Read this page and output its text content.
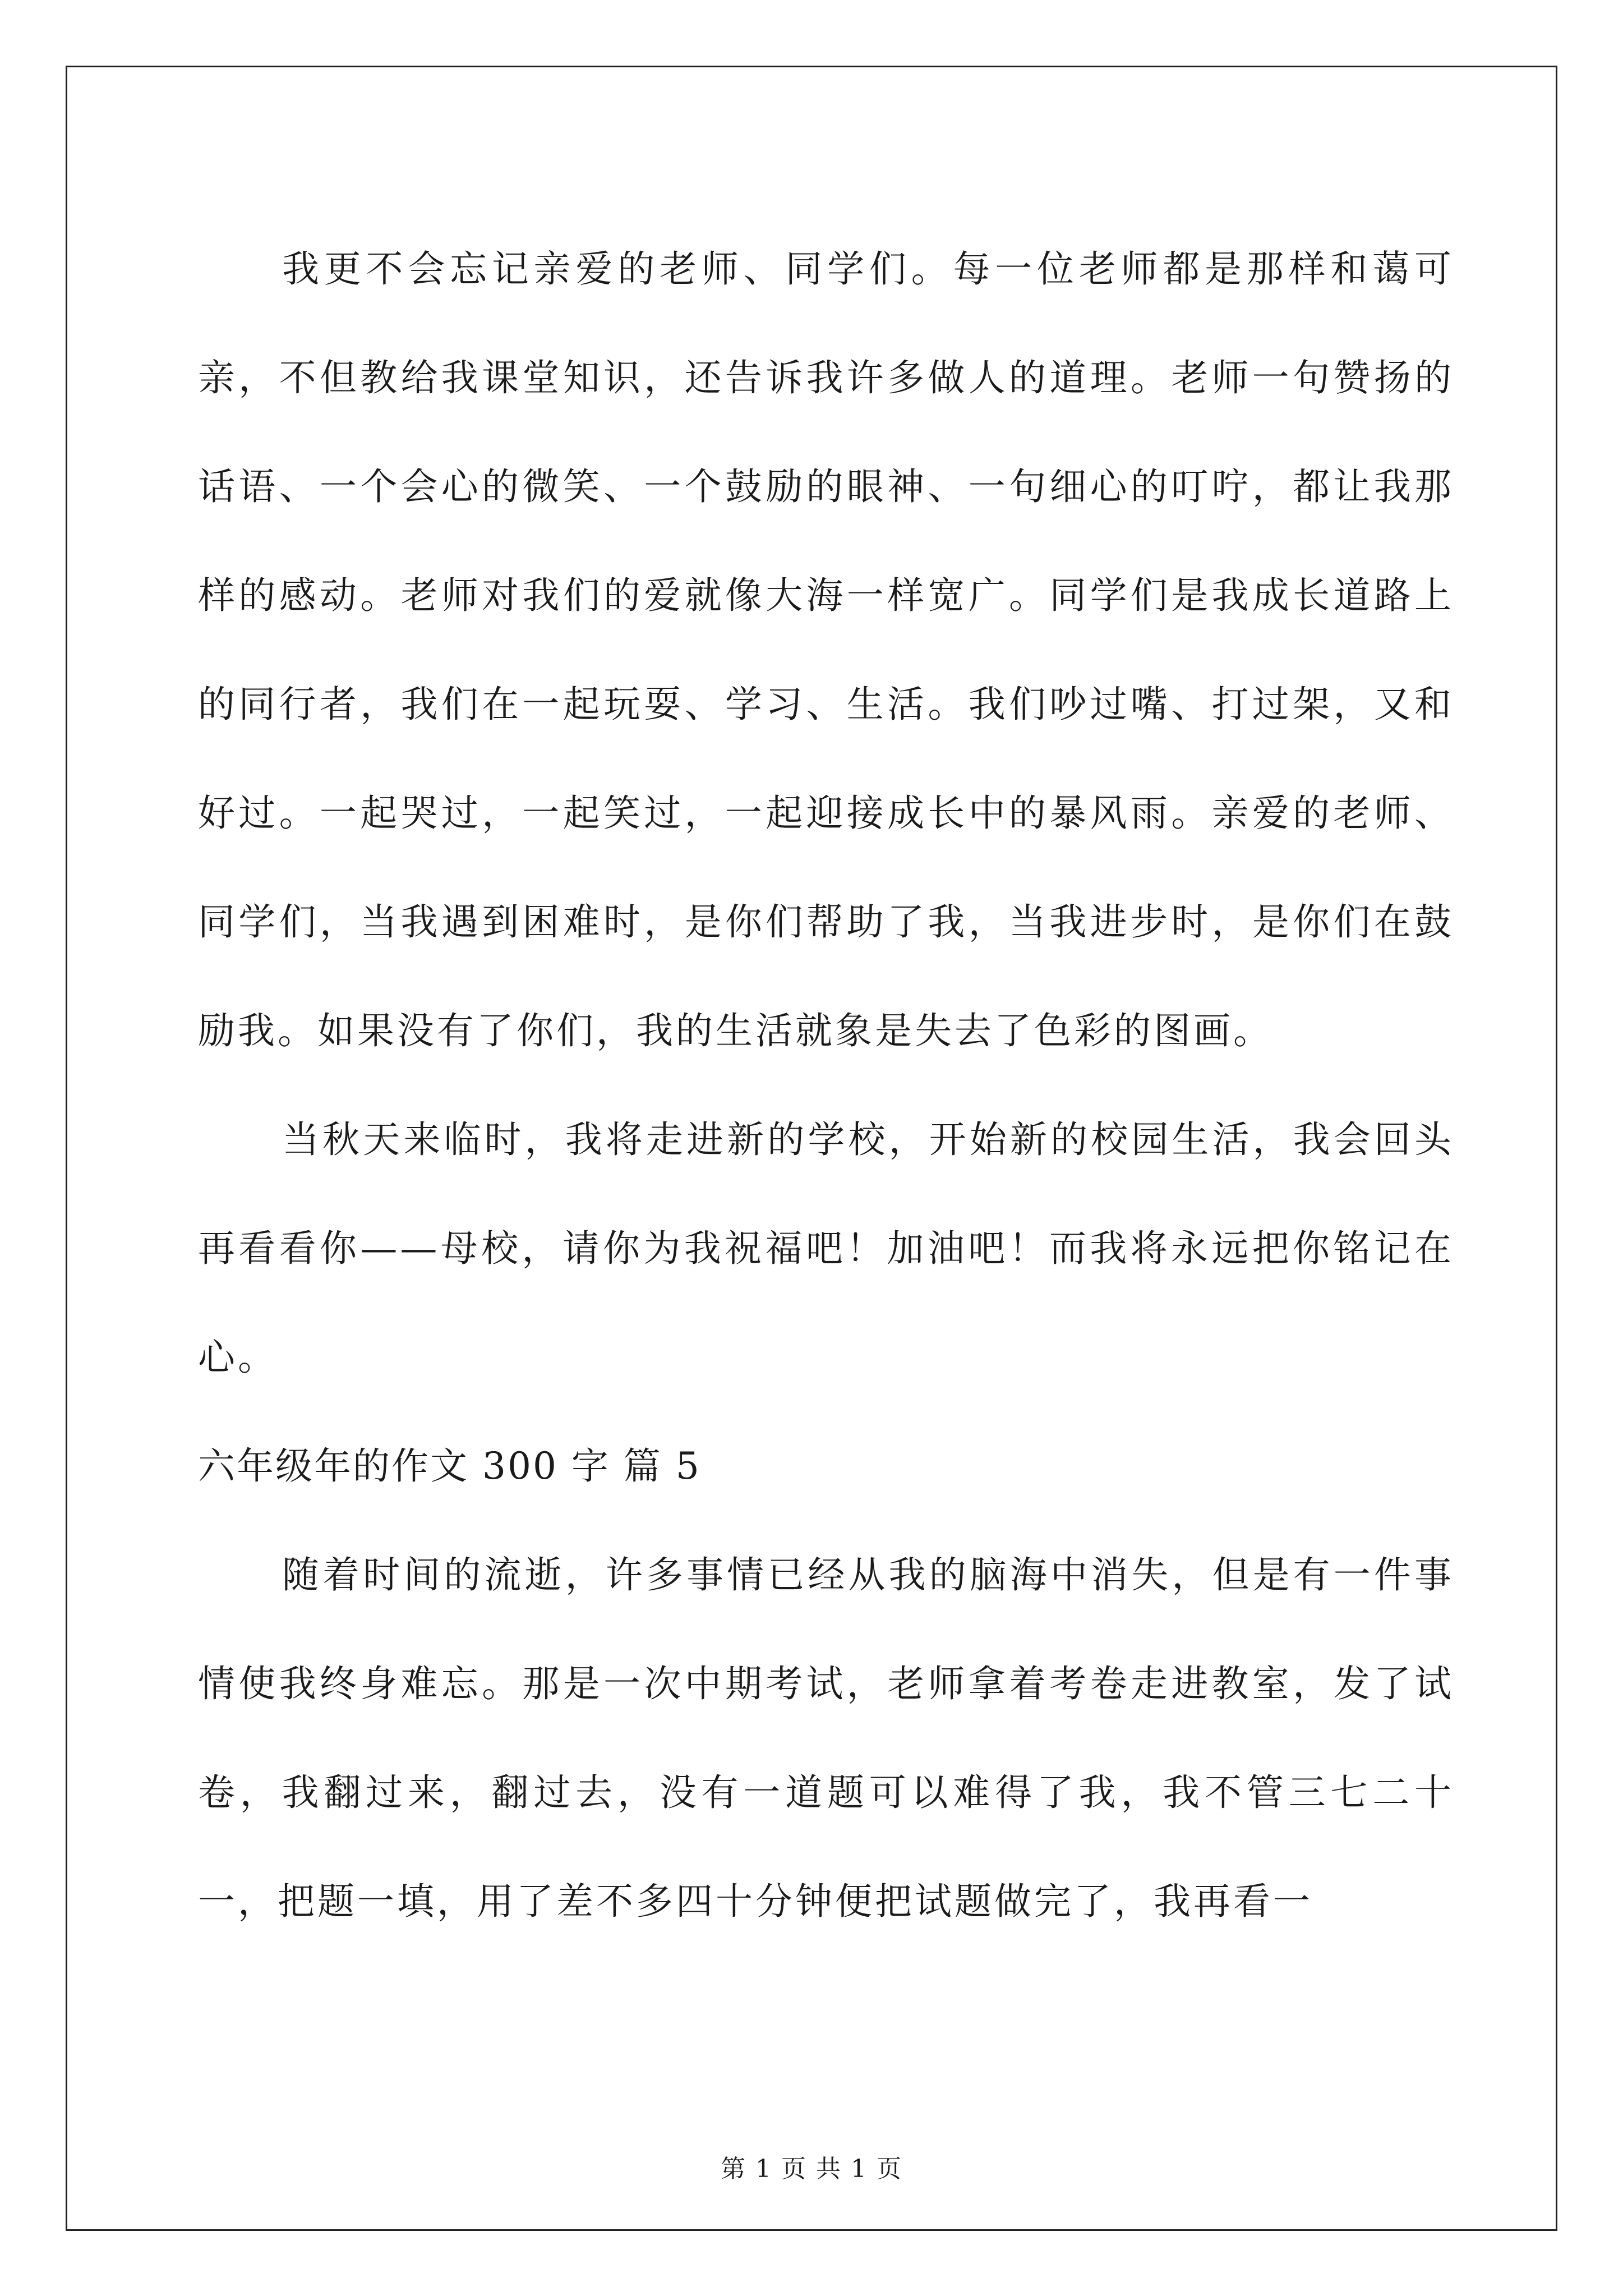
我更不会忘记亲爱的老师、同学们。每一位老师都是那样和蔼可亲，不但教给我课堂知识，还告诉我许多做人的道理。老师一句赞扬的话语、一个会心的微笑、一个鼓励的眼神、一句细心的叮咛，都让我那样的感动。老师对我们的爱就像大海一样宽广。同学们是我成长道路上的同行者，我们在一起玩耍、学习、生活。我们吵过嘴、打过架，又和好过。一起哭过，一起笑过，一起迎接成长中的暴风雨。亲爱的老师、同学们，当我遇到困难时，是你们帮助了我，当我进步时，是你们在鼓励我。如果没有了你们，我的生活就象是失去了色彩的图画。

当秋天来临时，我将走进新的学校，开始新的校园生活，我会回头再看看你——母校，请你为我祝福吧！加油吧！而我将永远把你铭记在心。

六年级年的作文 300 字 篇 5

随着时间的流逝，许多事情已经从我的脑海中消失，但是有一件事情使我终身难忘。那是一次中期考试，老师拿着考卷走进教室，发了试卷，我翻过来，翻过去，没有一道题可以难得了我，我不管三七二十一，把题一填，用了差不多四十分钟便把试题做完了，我再看一

第 1 页 共 1 页
